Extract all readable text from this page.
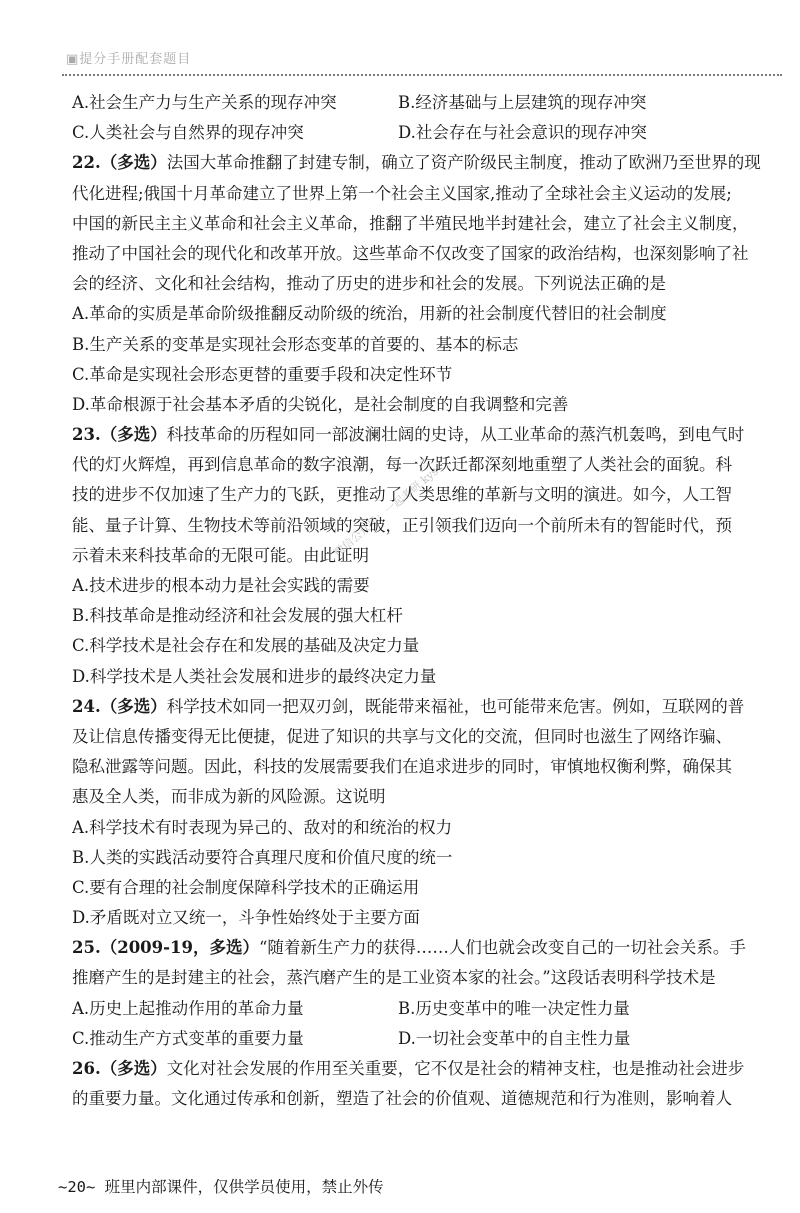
▣提分手册配套题目
微信公众号：一起考研 kys
A.社会生产力与生产关系的现存冲突	B.经济基础与上层建筑的现存冲突
C.人类社会与自然界的现存冲突	D.社会存在与社会意识的现存冲突
22.（多选）法国大革命推翻了封建专制，确立了资产阶级民主制度，推动了欧洲乃至世界的现
代化进程;俄国十月革命建立了世界上第一个社会主义国家,推动了全球社会主义运动的发展;
中国的新民主主义革命和社会主义革命，推翻了半殖民地半封建社会，建立了社会主义制度，
推动了中国社会的现代化和改革开放。这些革命不仅改变了国家的政治结构，也深刻影响了社
会的经济、文化和社会结构，推动了历史的进步和社会的发展。下列说法正确的是
A.革命的实质是革命阶级推翻反动阶级的统治，用新的社会制度代替旧的社会制度
B.生产关系的变革是实现社会形态变革的首要的、基本的标志
C.革命是实现社会形态更替的重要手段和决定性环节
D.革命根源于社会基本矛盾的尖锐化，是社会制度的自我调整和完善
23.（多选）科技革命的历程如同一部波澜壮阔的史诗，从工业革命的蒸汽机轰鸣，到电气时
代的灯火辉煌，再到信息革命的数字浪潮，每一次跃迁都深刻地重塑了人类社会的面貌。科
技的进步不仅加速了生产力的飞跃，更推动了人类思维的革新与文明的演进。如今，人工智
能、量子计算、生物技术等前沿领域的突破，正引领我们迈向一个前所未有的智能时代，预
示着未来科技革命的无限可能。由此证明
A.技术进步的根本动力是社会实践的需要
B.科技革命是推动经济和社会发展的强大杠杆
C.科学技术是社会存在和发展的基础及决定力量
D.科学技术是人类社会发展和进步的最终决定力量
24.（多选）科学技术如同一把双刃剑，既能带来福祉，也可能带来危害。例如，互联网的普
及让信息传播变得无比便捷，促进了知识的共享与文化的交流，但同时也滋生了网络诈骗、
隐私泄露等问题。因此，科技的发展需要我们在追求进步的同时，审慎地权衡利弊，确保其
惠及全人类，而非成为新的风险源。这说明
A.科学技术有时表现为异己的、敌对的和统治的权力
B.人类的实践活动要符合真理尺度和价值尺度的统一
C.要有合理的社会制度保障科学技术的正确运用
D.矛盾既对立又统一，斗争性始终处于主要方面
25.（2009-19，多选）“随着新生产力的获得……人们也就会改变自己的一切社会关系。手
推磨产生的是封建主的社会，蒸汽磨产生的是工业资本家的社会。”这段话表明科学技术是
A.历史上起推动作用的革命力量	B.历史变革中的唯一决定性力量
C.推动生产方式变革的重要力量	D.一切社会变革中的自主性力量
26.（多选）文化对社会发展的作用至关重要，它不仅是社会的精神支柱，也是推动社会进步
的重要力量。文化通过传承和创新，塑造了社会的价值观、道德规范和行为准则，影响着人
~20~ 班里内部课件，仅供学员使用，禁止外传
